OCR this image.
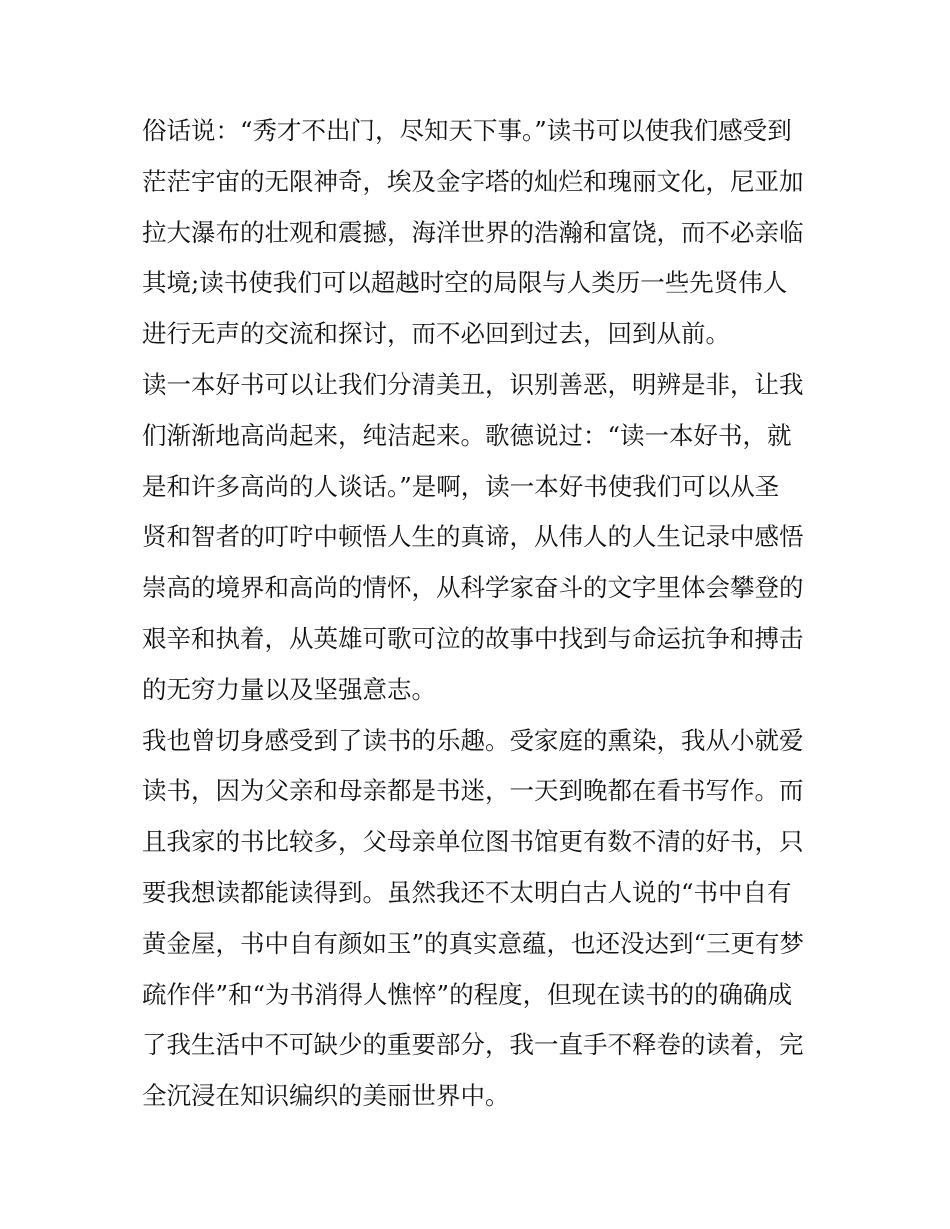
俗话说：“秀才不出门，尽知天下事。”读书可以使我们感受到
茫茫宇宙的无限神奇，埃及金字塔的灿烂和瑰丽文化，尼亚加
拉大瀑布的壮观和震撼，海洋世界的浩瀚和富饶，而不必亲临
其境;读书使我们可以超越时空的局限与人类历一些先贤伟人
进行无声的交流和探讨，而不必回到过去，回到从前。
读一本好书可以让我们分清美丑，识别善恶，明辨是非，让我
们渐渐地高尚起来，纯洁起来。歌德说过：“读一本好书，就
是和许多高尚的人谈话。”是啊，读一本好书使我们可以从圣
贤和智者的叮咛中顿悟人生的真谛，从伟人的人生记录中感悟
崇高的境界和高尚的情怀，从科学家奋斗的文字里体会攀登的
艰辛和执着，从英雄可歌可泣的故事中找到与命运抗争和搏击
的无穷力量以及坚强意志。
我也曾切身感受到了读书的乐趣。受家庭的熏染，我从小就爱
读书，因为父亲和母亲都是书迷，一天到晚都在看书写作。而
且我家的书比较多，父母亲单位图书馆更有数不清的好书，只
要我想读都能读得到。虽然我还不太明白古人说的“书中自有
黄金屋，书中自有颜如玉”的真实意蕴，也还没达到“三更有梦
疏作伴”和“为书消得人憔悴”的程度，但现在读书的的确确成
了我生活中不可缺少的重要部分，我一直手不释卷的读着，完
全沉浸在知识编织的美丽世界中。
